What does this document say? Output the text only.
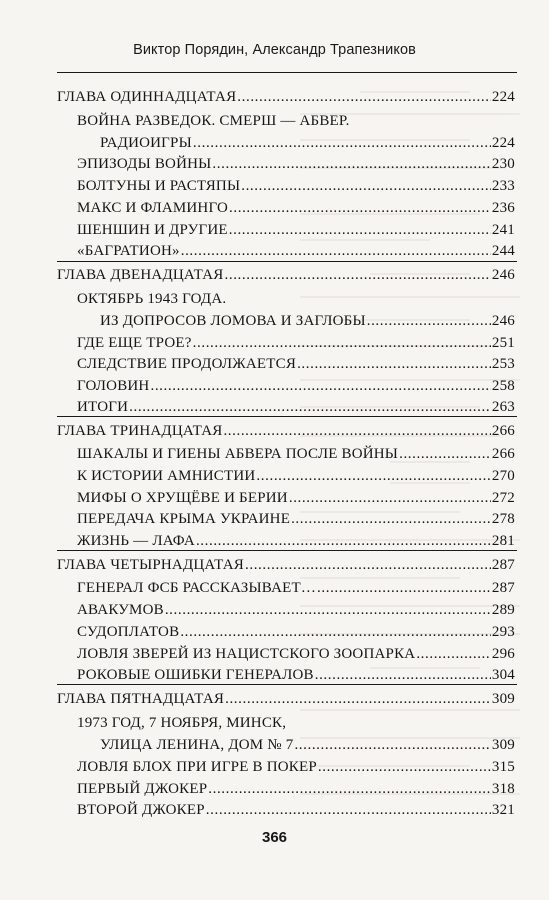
Виктор Порядин, Александр Трапезников
ГЛАВА ОДИННАДЦАТАЯ .....	224
ВОЙНА РАЗВЕДОК. СМЕРШ — АБВЕР.
РАДИОИГРЫ .....	224
ЭПИЗОДЫ ВОЙНЫ .....	230
БОЛТУНЫ И РАСТЯПЫ .....	233
МАКС И ФЛАМИНГО .....	236
ШЕНШИН И ДРУГИЕ .....	241
«БАГРАТИОН» .....	244
ГЛАВА ДВЕНАДЦАТАЯ .....	246
ОКТЯБРЬ 1943 ГОДА.
ИЗ ДОПРОСОВ ЛОМОВА И ЗАГЛОБЫ .....	246
ГДЕ ЕЩЕ ТРОЕ? .....	251
СЛЕДСТВИЕ ПРОДОЛЖАЕТСЯ .....	253
ГОЛОВИН .....	258
ИТОГИ .....	263
ГЛАВА ТРИНАДЦАТАЯ .....	266
ШАКАЛЫ И ГИЕНЫ АБВЕРА ПОСЛЕ ВОЙНЫ .....	266
К ИСТОРИИ АМНИСТИИ .....	270
МИФЫ О ХРУЩЁВЕ И БЕРИИ .....	272
ПЕРЕДАЧА КРЫМА УКРАИНЕ .....	278
ЖИЗНЬ — ЛАФА .....	281
ГЛАВА ЧЕТЫРНАДЦАТАЯ .....	287
ГЕНЕРАЛ ФСБ РАССКАЗЫВАЕТ… .....	287
АВАКУМОВ .....	289
СУДОПЛАТОВ .....	293
ЛОВЛЯ ЗВЕРЕЙ ИЗ НАЦИСТСКОГО ЗООПАРКА .....	296
РОКОВЫЕ ОШИБКИ ГЕНЕРАЛОВ .....	304
ГЛАВА ПЯТНАДЦАТАЯ .....	309
1973 ГОД, 7 НОЯБРЯ, МИНСК,
УЛИЦА ЛЕНИНА, ДОМ № 7 .....	309
ЛОВЛЯ БЛОХ ПРИ ИГРЕ В ПОКЕР .....	315
ПЕРВЫЙ ДЖОКЕР .....	318
ВТОРОЙ ДЖОКЕР .....	321
366
